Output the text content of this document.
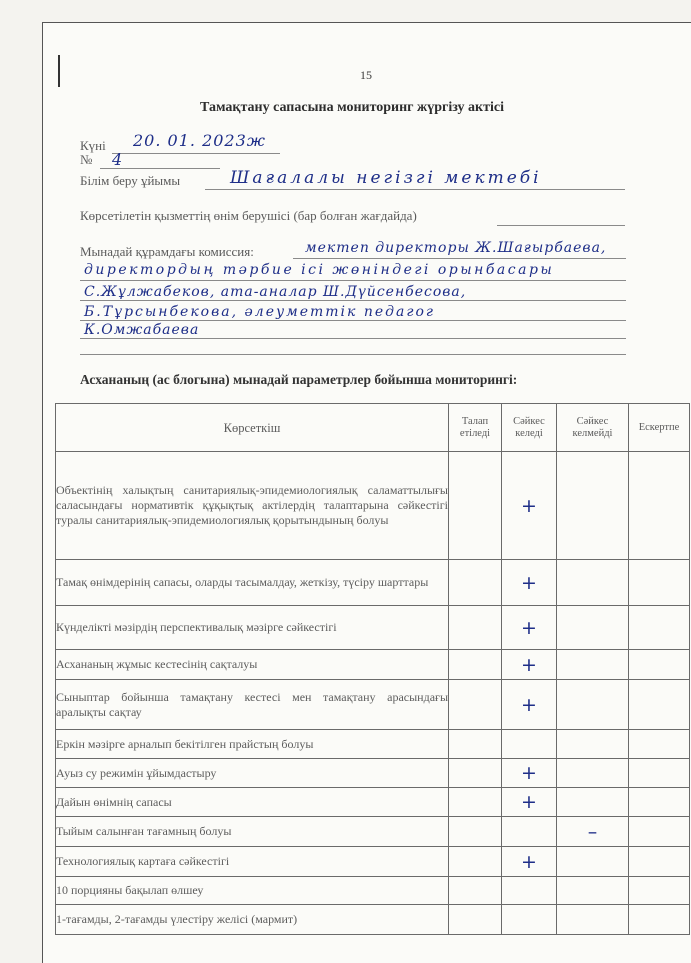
15
Тамақтану сапасына мониторинг жүргізу актісі
Күні 20. 01. 2023ж
№ 4
Білім беру ұйымы	Шағалалы негізгі мектебі
Көрсетілетін қызметтің өнім берушісі (бар болған жағдайда)
Мынадай құрамдағы комиссия:	мектеп директоры Ж.Шағырбаева,
директордың тәрбие ісі жөніндегі орынбасары
С.Жұлжабеков, ата-аналар Ш.Дүйсенбесова,
Б.Тұрсынбекова, әлеуметтік педагог
К.Омжабаева
Асхананың (ас блогына) мынадай параметрлер бойынша мониторингі:
Көрсеткіш	Талап етіледі	Сәйкес келеді	Сәйкес келмейді	Ескертпе
Объектінің халықтың санитариялық-эпидемиологиялық саламаттылығы саласындағы нормативтік құқықтық актілердің талаптарына сәйкестігі туралы санитариялық-эпидемиологиялық қорытындының болуы		+		
Тамақ өнімдерінің сапасы, оларды тасымалдау, жеткізу, түсіру шарттары		+		
Күнделікті мәзірдің перспективалық мәзірге сәйкестігі		+		
Асхананың жұмыс кестесінің сақталуы		+		
Сыныптар бойынша тамақтану кестесі мен тамақтану арасындағы аралықты сақтау		+		
Еркін мәзірге арналып бекітілген прайстың болуы				
Ауыз су режимін ұйымдастыру		+		
Дайын өнімнің сапасы		+		
Тыйым салынған тағамның болуы			–	
Технологиялық картаға сәйкестігі		+		
10 порцияны бақылап өлшеу				
1-тағамды, 2-тағамды үлестіру желісі (мармит)				
